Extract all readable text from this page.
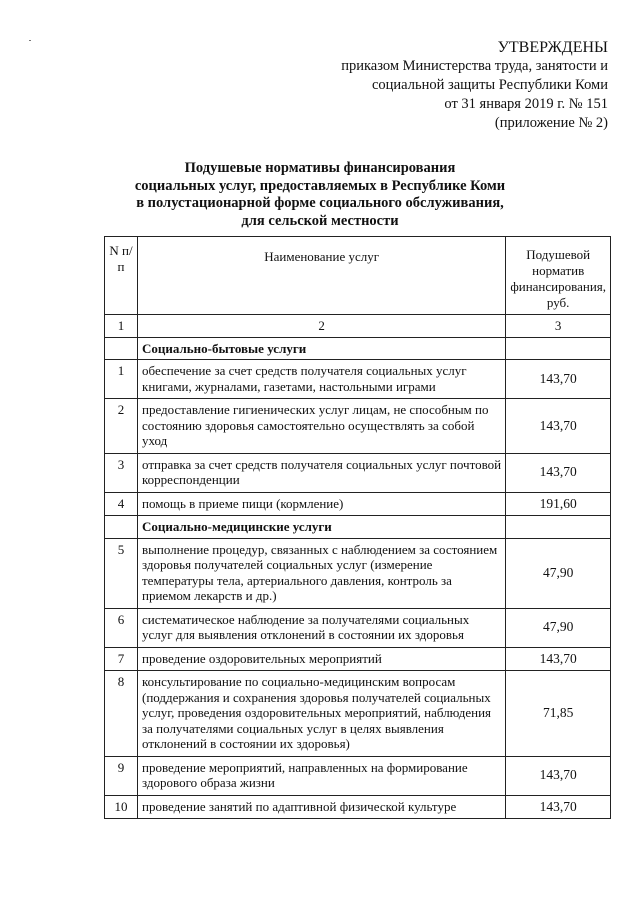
УТВЕРЖДЕНЫ
приказом Министерства труда, занятости и
социальной защиты Республики Коми
от 31 января 2019 г. № 151
(приложение № 2)
Подушевые нормативы финансирования
социальных услуг, предоставляемых в Республике Коми
в полустационарной форме социального обслуживания,
для сельской местности
N п/п	Наименование услуг	Подушевой норматив финансирования, руб.
1	2	3
	Социально-бытовые услуги	
1	обеспечение за счет средств получателя социальных услуг книгами, журналами, газетами, настольными играми	143,70
2	предоставление гигиенических услуг лицам, не способным по состоянию здоровья самостоятельно осуществлять за собой уход	143,70
3	отправка за счет средств получателя социальных услуг почтовой корреспонденции	143,70
4	помощь в приеме пищи (кормление)	191,60
	Социально-медицинские услуги	
5	выполнение процедур, связанных с наблюдением за состоянием здоровья получателей социальных услуг (измерение температуры тела, артериального давления, контроль за приемом лекарств и др.)	47,90
6	систематическое наблюдение за получателями социальных услуг для выявления отклонений в состоянии их здоровья	47,90
7	проведение оздоровительных мероприятий	143,70
8	консультирование по социально-медицинским вопросам (поддержания и сохранения здоровья получателей социальных услуг, проведения оздоровительных мероприятий, наблюдения за получателями социальных услуг в целях выявления отклонений в состоянии их здоровья)	71,85
9	проведение мероприятий, направленных на формирование здорового образа жизни	143,70
10	проведение занятий по адаптивной физической культуре	143,70
